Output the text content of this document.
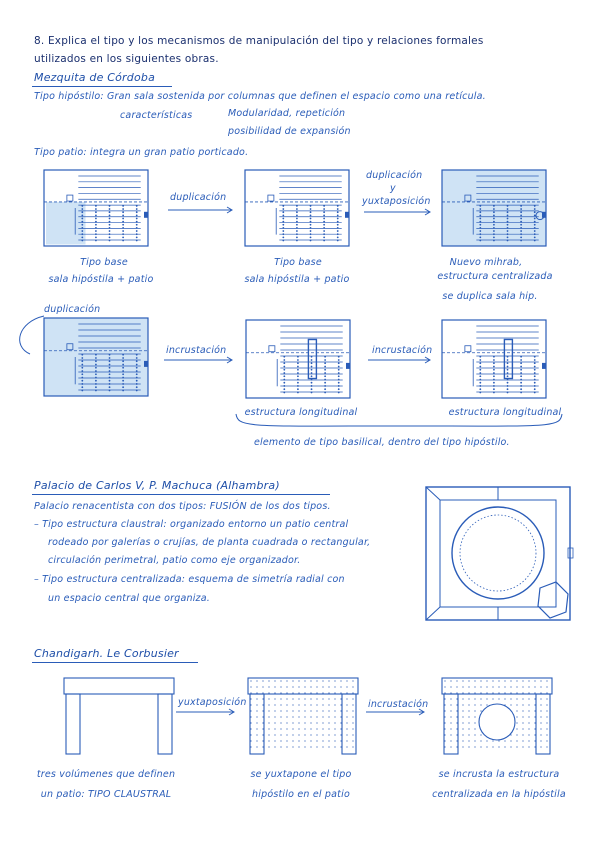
8. Explica el tipo y los mecanismos de manipulación del tipo y relaciones formales
utilizados en los siguientes obras.
Mezquita de Córdoba
Tipo hipóstilo: Gran sala sostenida por columnas que definen el espacio como una retícula.
características	Modularidad, repetición
posibilidad de expansión
Tipo patio: integra un gran patio porticado.
duplicación
duplicación
y
yuxtaposición
Tipo base
sala hipóstila + patio
Tipo base
sala hipóstila + patio
Nuevo mihrab,
estructura centralizada
se duplica sala hip.
duplicación
incrustación	incrustación
estructura longitudinal	estructura longitudinal
elemento de tipo basilical, dentro del tipo hipóstilo.
Palacio de Carlos V, P. Machuca (Alhambra)
Palacio renacentista con dos tipos: FUSIÓN de los dos tipos.
– Tipo estructura claustral: organizado entorno un patio central
rodeado por galerías o crujías, de planta cuadrada o rectangular,
circulación perimetral, patio como eje organizador.
– Tipo estructura centralizada: esquema de simetría radial con
un espacio central que organiza.
Chandigarh. Le Corbusier
yuxtaposición	incrustación
tres volúmenes que definen
un patio: TIPO CLAUSTRAL
se yuxtapone el tipo
hipóstilo en el patio
se incrusta la estructura
centralizada en la hipóstila
